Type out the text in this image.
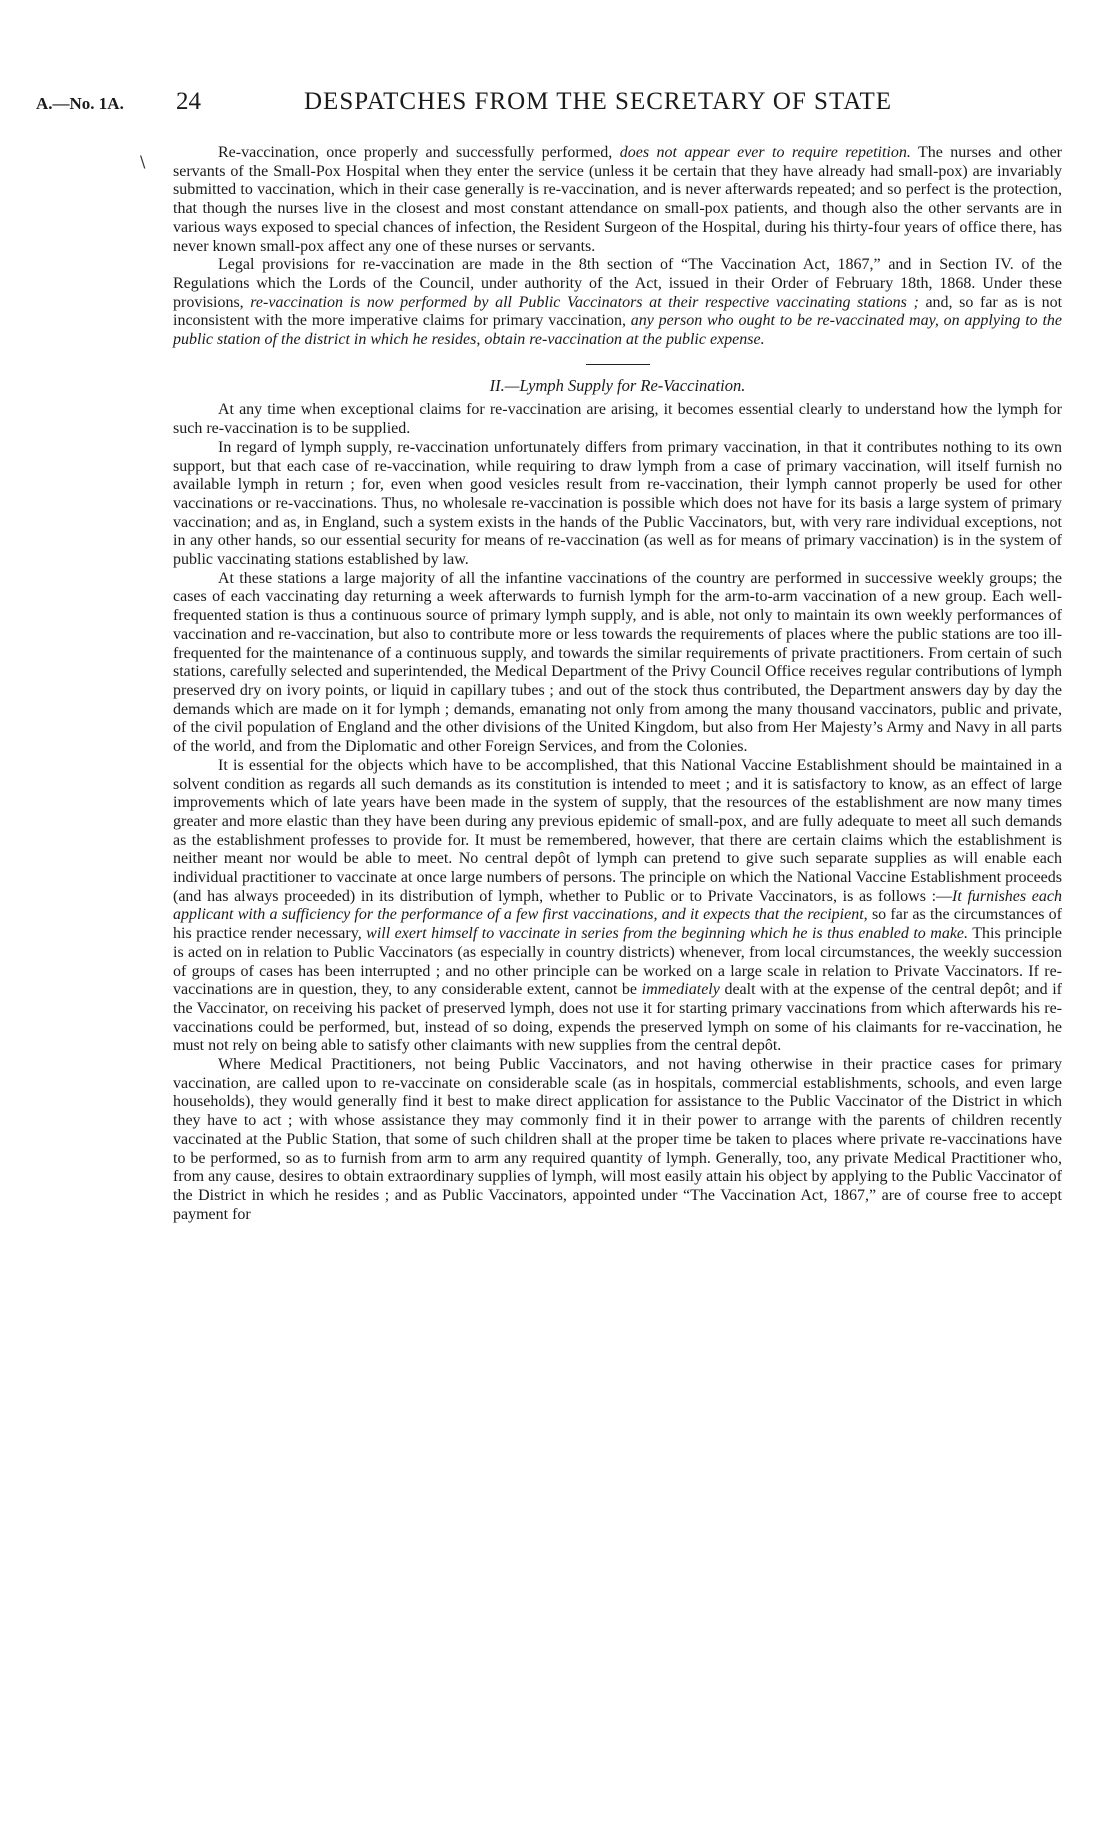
A.—No. 1A. 24	DESPATCHES FROM THE SECRETARY OF STATE
\	Re-vaccination, once properly and successfully performed, does not appear ever to require repetition. The nurses and other servants of the Small-Pox Hospital when they enter the service (unless it be certain that they have already had small-pox) are invariably submitted to vaccination, which in their case generally is re-vaccination, and is never afterwards repeated; and so perfect is the protection, that though the nurses live in the closest and most constant attendance on small-pox patients, and though also the other servants are in various ways exposed to special chances of infection, the Resident Surgeon of the Hospital, during his thirty-four years of office there, has never known small-pox affect any one of these nurses or servants.

Legal provisions for re-vaccination are made in the 8th section of “The Vaccination Act, 1867,” and in Section IV. of the Regulations which the Lords of the Council, under authority of the Act, issued in their Order of February 18th, 1868. Under these provisions, re-vaccination is now performed by all Public Vaccinators at their respective vaccinating stations ; and, so far as is not inconsistent with the more imperative claims for primary vaccination, any person who ought to be re-vaccinated may, on applying to the public station of the district in which he resides, obtain re-vaccination at the public expense.

II.—Lymph Supply for Re-Vaccination.

At any time when exceptional claims for re-vaccination are arising, it becomes essential clearly to understand how the lymph for such re-vaccination is to be supplied.

In regard of lymph supply, re-vaccination unfortunately differs from primary vaccination, in that it contributes nothing to its own support, but that each case of re-vaccination, while requiring to draw lymph from a case of primary vaccination, will itself furnish no available lymph in return ; for, even when good vesicles result from re-vaccination, their lymph cannot properly be used for other vaccinations or re-vaccinations. Thus, no wholesale re-vaccination is possible which does not have for its basis a large system of primary vaccination; and as, in England, such a system exists in the hands of the Public Vaccinators, but, with very rare individual exceptions, not in any other hands, so our essential security for means of re-vaccination (as well as for means of primary vaccination) is in the system of public vaccinating stations established by law.

At these stations a large majority of all the infantine vaccinations of the country are performed in successive weekly groups; the cases of each vaccinating day returning a week afterwards to furnish lymph for the arm-to-arm vaccination of a new group. Each well-frequented station is thus a continuous source of primary lymph supply, and is able, not only to maintain its own weekly performances of vaccination and re-vaccination, but also to contribute more or less towards the requirements of places where the public stations are too ill-frequented for the maintenance of a continuous supply, and towards the similar requirements of private practitioners. From certain of such stations, carefully selected and superintended, the Medical Department of the Privy Council Office receives regular contributions of lymph preserved dry on ivory points, or liquid in capillary tubes ; and out of the stock thus contributed, the Department answers day by day the demands which are made on it for lymph ; demands, emanating not only from among the many thousand vaccinators, public and private, of the civil population of England and the other divisions of the United Kingdom, but also from Her Majesty’s Army and Navy in all parts of the world, and from the Diplomatic and other Foreign Services, and from the Colonies.

It is essential for the objects which have to be accomplished, that this National Vaccine Establishment should be maintained in a solvent condition as regards all such demands as its constitution is intended to meet ; and it is satisfactory to know, as an effect of large improvements which of late years have been made in the system of supply, that the resources of the establishment are now many times greater and more elastic than they have been during any previous epidemic of small-pox, and are fully adequate to meet all such demands as the establishment professes to provide for. It must be remembered, however, that there are certain claims which the establishment is neither meant nor would be able to meet. No central depôt of lymph can pretend to give such separate supplies as will enable each individual practitioner to vaccinate at once large numbers of persons. The principle on which the National Vaccine Establishment proceeds (and has always proceeded) in its distribution of lymph, whether to Public or to Private Vaccinators, is as follows :—It furnishes each applicant with a sufficiency for the performance of a few first vaccinations, and it expects that the recipient, so far as the circumstances of his practice render necessary, will exert himself to vaccinate in series from the beginning which he is thus enabled to make. This principle is acted on in relation to Public Vaccinators (as especially in country districts) whenever, from local circumstances, the weekly succession of groups of cases has been interrupted ; and no other principle can be worked on a large scale in relation to Private Vaccinators. If re-vaccinations are in question, they, to any considerable extent, cannot be immediately dealt with at the expense of the central depôt; and if the Vaccinator, on receiving his packet of preserved lymph, does not use it for starting primary vaccinations from which afterwards his re-vaccinations could be performed, but, instead of so doing, expends the preserved lymph on some of his claimants for re-vaccination, he must not rely on being able to satisfy other claimants with new supplies from the central depôt.

Where Medical Practitioners, not being Public Vaccinators, and not having otherwise in their practice cases for primary vaccination, are called upon to re-vaccinate on considerable scale (as in hospitals, commercial establishments, schools, and even large households), they would generally find it best to make direct application for assistance to the Public Vaccinator of the District in which they have to act ; with whose assistance they may commonly find it in their power to arrange with the parents of children recently vaccinated at the Public Station, that some of such children shall at the proper time be taken to places where private re-vaccinations have to be performed, so as to furnish from arm to arm any required quantity of lymph. Generally, too, any private Medical Practitioner who, from any cause, desires to obtain extraordinary supplies of lymph, will most easily attain his object by applying to the Public Vaccinator of the District in which he resides ; and as Public Vaccinators, appointed under “The Vaccination Act, 1867,” are of course free to accept payment for
